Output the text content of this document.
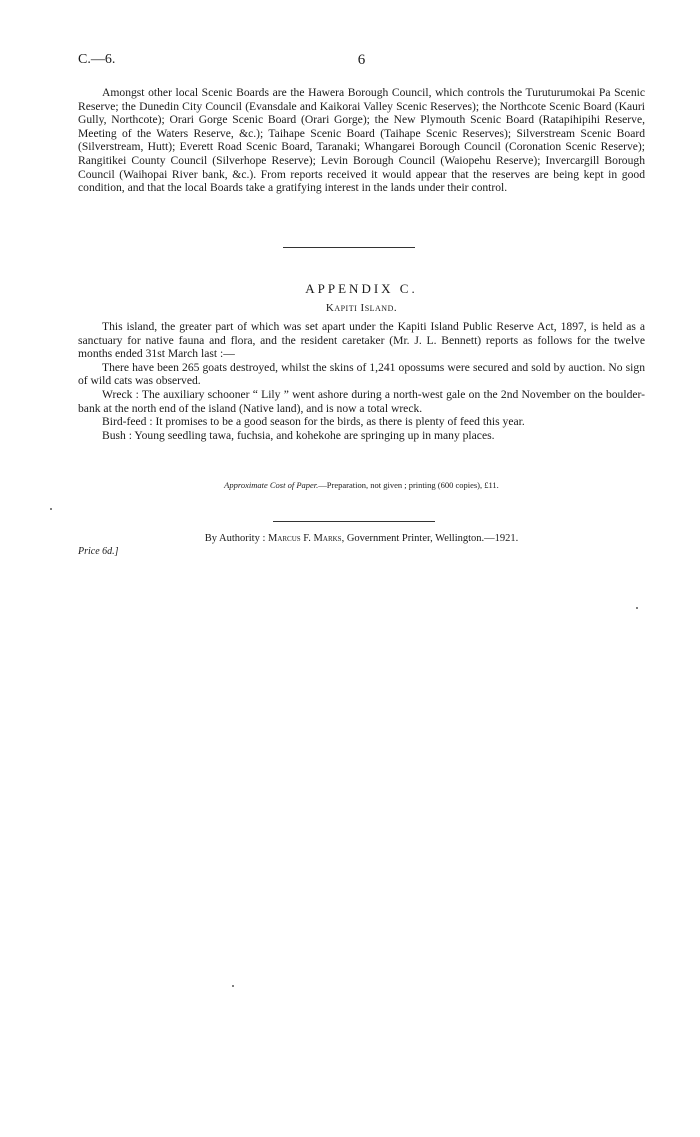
C.—6.	6

Amongst other local Scenic Boards are the Hawera Borough Council, which controls the Turuturumokai Pa Scenic Reserve; the Dunedin City Council (Evansdale and Kaikorai Valley Scenic Reserves); the Northcote Scenic Board (Kauri Gully, Northcote); Orari Gorge Scenic Board (Orari Gorge); the New Plymouth Scenic Board (Ratapihipihi Reserve, Meeting of the Waters Reserve, &c.); Taihape Scenic Board (Taihape Scenic Reserves); Silverstream Scenic Board (Silverstream, Hutt); Everett Road Scenic Board, Taranaki; Whangarei Borough Council (Coronation Scenic Reserve); Rangitikei County Council (Silverhope Reserve); Levin Borough Council (Waiopehu Reserve); Invercargill Borough Council (Waihopai River bank, &c.). From reports received it would appear that the reserves are being kept in good condition, and that the local Boards take a gratifying interest in the lands under their control.

APPENDIX C.
Kapiti Island.

This island, the greater part of which was set apart under the Kapiti Island Public Reserve Act, 1897, is held as a sanctuary for native fauna and flora, and the resident caretaker (Mr. J. L. Bennett) reports as follows for the twelve months ended 31st March last :—

There have been 265 goats destroyed, whilst the skins of 1,241 opossums were secured and sold by auction. No sign of wild cats was observed.

Wreck : The auxiliary schooner “ Lily ” went ashore during a north-west gale on the 2nd November on the boulder-bank at the north end of the island (Native land), and is now a total wreck.

Bird-feed : It promises to be a good season for the birds, as there is plenty of feed this year.

Bush : Young seedling tawa, fuchsia, and kohekohe are springing up in many places.

Approximate Cost of Paper.—Preparation, not given ; printing (600 copies), £11.
By Authority : Marcus F. Marks, Government Printer, Wellington.—1921.
Price 6d.]
